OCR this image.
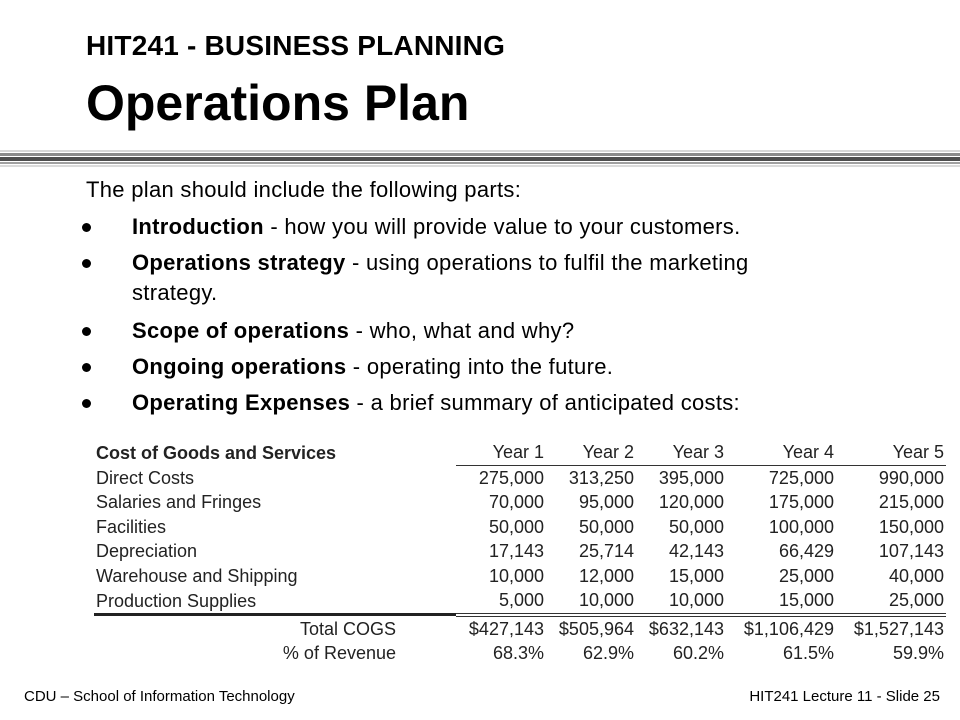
HIT241 - BUSINESS PLANNING
Operations Plan
The plan should include the following parts:
Introduction - how you will provide value to your customers.
Operations strategy - using operations to fulfil the marketing strategy.
Scope of operations - who, what and why?
Ongoing operations - operating into the future.
Operating Expenses - a brief summary of anticipated costs:
Cost of Goods and Services	Year 1	Year 2	Year 3	Year 4	Year 5
Direct Costs	275,000	313,250	395,000	725,000	990,000
Salaries and Fringes	70,000	95,000	120,000	175,000	215,000
Facilities	50,000	50,000	50,000	100,000	150,000
Depreciation	17,143	25,714	42,143	66,429	107,143
Warehouse and Shipping	10,000	12,000	15,000	25,000	40,000
Production Supplies	5,000	10,000	10,000	15,000	25,000
Total COGS	$427,143	$505,964	$632,143	$1,106,429	$1,527,143
% of Revenue	68.3%	62.9%	60.2%	61.5%	59.9%
CDU – School of Information Technology	HIT241 Lecture 11 - Slide 25
